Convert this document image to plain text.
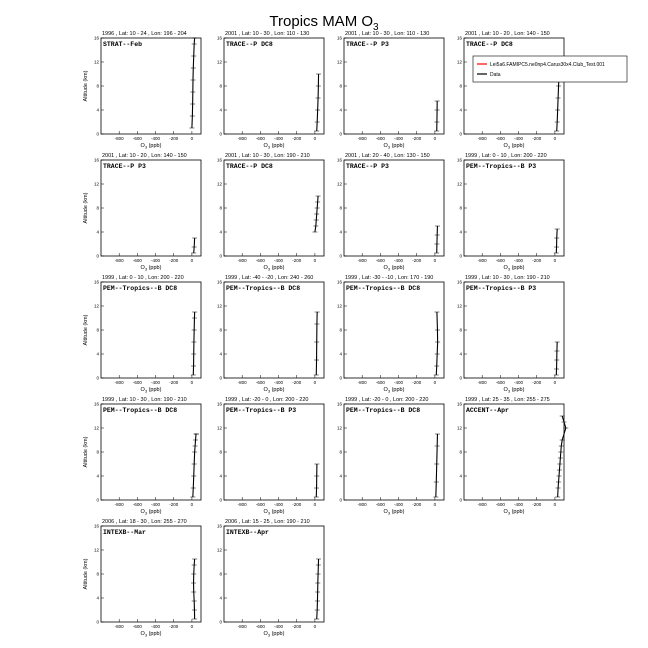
Tropics MAM $O_3$
1996 , Lat: 10 - 24 , Lon: 196 - 204
STRAT--Feb
-800 -600 -400 -200	0
0
4
8
12
16
$O_3$ (ppb)
Altitude (km)
2001 , Lat: 10 - 30 , Lon: 110 - 130
TRACE--P DC8
-800 -600 -400 -200	0
0
4
8
12
16
$O_3$ (ppb)
2001 , Lat: 10 - 30 , Lon: 110 - 130
TRACE--P P3
-800 -600 -400 -200	0
0
4
8
12
16
$O_3$ (ppb)
2001 , Lat: 10 - 20 , Lon: 140 - 150
TRACE--P DC8
-800 -600 -400 -200	0
0
4
8
12
16
$O_3$ (ppb)
Lei5a6.FAMIPC5.ne0np4.Carus30x4.Club_Test.001
Data
2001 , Lat: 10 - 20 , Lon: 140 - 150
TRACE--P P3
-800 -600 -400 -200	0
0
4
8
12
16
$O_3$ (ppb)
Altitude (km)
2001 , Lat: 10 - 30 , Lon: 190 - 210
TRACE--P DC8
-800 -600 -400 -200	0
0
4
8
12
16
$O_3$ (ppb)
2001 , Lat: 20 - 40 , Lon: 130 - 150
TRACE--P P3
-800 -600 -400 -200	0
0
4
8
12
16
$O_3$ (ppb)
1999 , Lat: 0 - 10 , Lon: 200 - 220
PEM--Tropics--B P3
-800 -600 -400 -200	0
0
4
8
12
16
$O_3$ (ppb)
1999 , Lat: 0 - 10 , Lon: 200 - 220
PEM--Tropics--B DC8
-800 -600 -400 -200	0
0
4
8
12
16
$O_3$ (ppb)
Altitude (km)
1999 , Lat: -40 - -20 , Lon: 240 - 260
PEM--Tropics--B DC8
-800 -600 -400 -200	0
0
4
8
12
16
$O_3$ (ppb)
1999 , Lat: -30 - -10 , Lon: 170 - 190
PEM--Tropics--B DC8
-800 -600 -400 -200	0
0
4
8
12
16
$O_3$ (ppb)
1999 , Lat: 10 - 30 , Lon: 190 - 210
PEM--Tropics--B P3
-800 -600 -400 -200	0
0
4
8
12
16
$O_3$ (ppb)
1999 , Lat: 10 - 30 , Lon: 190 - 210
PEM--Tropics--B DC8
-800 -600 -400 -200	0
0
4
8
12
16
$O_3$ (ppb)
Altitude (km)
1999 , Lat: -20 - 0 , Lon: 200 - 220
PEM--Tropics--B P3
-800 -600 -400 -200	0
0
4
8
12
16
$O_3$ (ppb)
1999 , Lat: -20 - 0 , Lon: 200 - 220
PEM--Tropics--B DC8
-800 -600 -400 -200	0
0
4
8
12
16
$O_3$ (ppb)
1999 , Lat: 25 - 35 , Lon: 255 - 275
ACCENT--Apr
-800 -600 -400 -200	0
0
4
8
12
16
$O_3$ (ppb)
2006 , Lat: 18 - 30 , Lon: 255 - 270
INTEXB--Mar
-800 -600 -400 -200	0
0
4
8
12
16
$O_3$ (ppb)
Altitude (km)
2006 , Lat: 15 - 25 , Lon: 190 - 210
INTEXB--Apr
-800 -600 -400 -200	0
0
4
8
12
16
$O_3$ (ppb)
